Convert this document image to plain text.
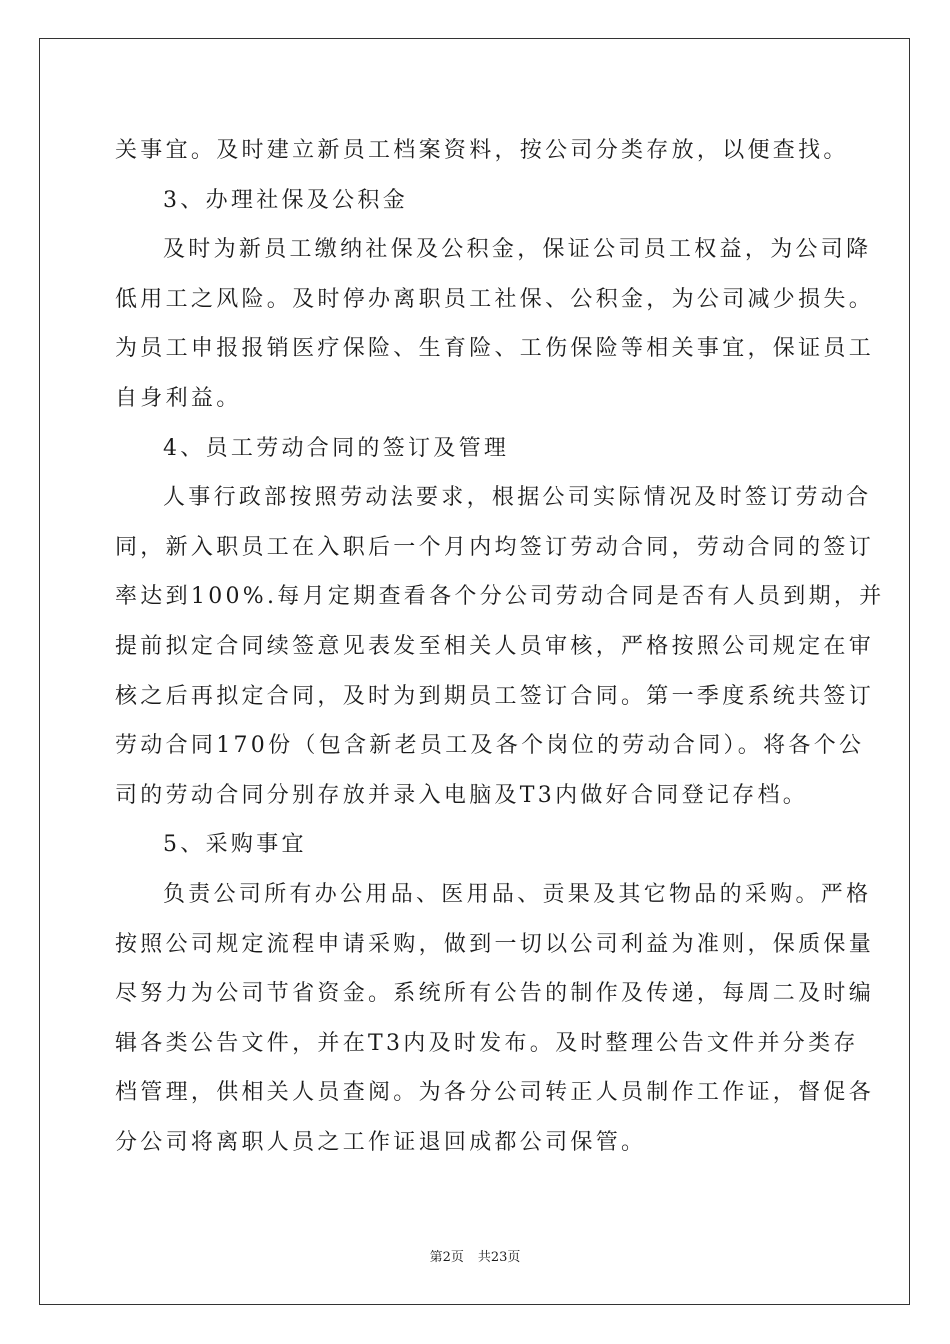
关事宜。及时建立新员工档案资料，按公司分类存放，以便查找。

3、办理社保及公积金

及时为新员工缴纳社保及公积金，保证公司员工权益，为公司降

低用工之风险。及时停办离职员工社保、公积金，为公司减少损失。

为员工申报报销医疗保险、生育险、工伤保险等相关事宜，保证员工

自身利益。

4、员工劳动合同的签订及管理

人事行政部按照劳动法要求，根据公司实际情况及时签订劳动合

同，新入职员工在入职后一个月内均签订劳动合同，劳动合同的签订

率达到100%.每月定期查看各个分公司劳动合同是否有人员到期，并

提前拟定合同续签意见表发至相关人员审核，严格按照公司规定在审

核之后再拟定合同，及时为到期员工签订合同。第一季度系统共签订

劳动合同170份（包含新老员工及各个岗位的劳动合同）。将各个公

司的劳动合同分别存放并录入电脑及T3内做好合同登记存档。

5、采购事宜

负责公司所有办公用品、医用品、贡果及其它物品的采购。严格

按照公司规定流程申请采购，做到一切以公司利益为准则，保质保量

尽努力为公司节省资金。系统所有公告的制作及传递，每周二及时编

辑各类公告文件，并在T3内及时发布。及时整理公告文件并分类存

档管理，供相关人员查阅。为各分公司转正人员制作工作证，督促各

分公司将离职人员之工作证退回成都公司保管。

第2页 共23页
